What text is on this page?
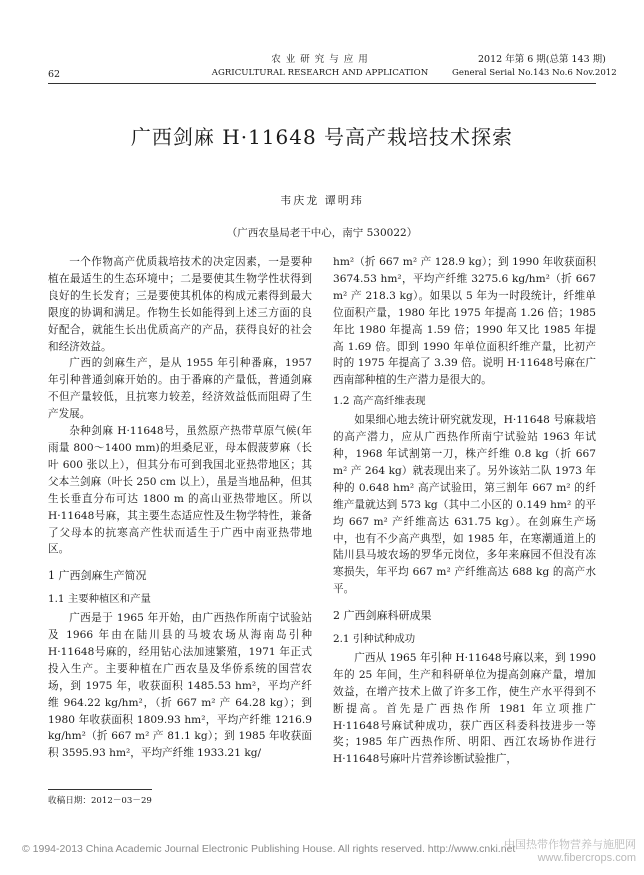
62
农 业 研 究 与 应 用
AGRICULTURAL RESEARCH AND APPLICATION
2012 年第 6 期(总第 143 期)
General Serial No.143 No.6 Nov.2012
广西剑麻 H·11648 号高产栽培技术探索
韦庆龙 谭明玮
（广西农垦局老干中心，南宁 530022）

一个作物高产优质栽培技术的决定因素，一是要种植在最适生的生态环境中；二是要使其生物学性状得到良好的生长发育；三是要使其机体的构成元素得到最大限度的协调和满足。作物生长如能得到上述三方面的良好配合，就能生长出优质高产的产品，获得良好的社会和经济效益。

广西的剑麻生产，是从 1955 年引种番麻，1957 年引种普通剑麻开始的。由于番麻的产量低，普通剑麻不但产量较低，且抗寒力较差，经济效益低而阻碍了生产发展。

杂种剑麻 H·11648号，虽然原产热带草原气候(年雨量 800～1400 mm)的坦桑尼亚，母本假菠萝麻（长叶 600 张以上），但其分布可到我国北亚热带地区；其父本兰剑麻（叶长 250 cm 以上），虽是当地品种，但其生长垂直分布可达 1800 m 的高山亚热带地区。所以 H·11648号麻，其主要生态适应性及生物学特性，兼备了父母本的抗寒高产性状而适生于广西中南亚热带地区。

1 广西剑麻生产简况
1.1 主要种植区和产量

广西是于 1965 年开始，由广西热作所南宁试验站及 1966 年由在陆川县的马坡农场从海南岛引种 H·11648号麻的，经用钻心法加速繁殖，1971 年正式投入生产。主要种植在广西农垦及华侨系统的国营农场，到 1975 年，收获面积 1485.53 hm²，平均产纤维 964.22 kg/hm²，（折 667 m² 产 64.28 kg）；到 1980 年收获面积 1809.93 hm²，平均产纤维 1216.9 kg/hm²（折 667 m² 产 81.1 kg）；到 1985 年收获面积 3595.93 hm²，平均产纤维 1933.21 kg/

hm²（折 667 m² 产 128.9 kg）；到 1990 年收获面积 3674.53 hm²，平均产纤维 3275.6 kg/hm²（折 667 m² 产 218.3 kg）。如果以 5 年为一时段统计，纤维单位面积产量，1980 年比 1975 年提高 1.26 倍；1985 年比 1980 年提高 1.59 倍；1990 年又比 1985 年提高 1.69 倍。即到 1990 年单位面积纤维产量，比初产时的 1975 年提高了 3.39 倍。说明 H·11648号麻在广西南部种植的生产潜力是很大的。

1.2 高产高纤维表现

如果细心地去统计研究就发现，H·11648 号麻栽培的高产潜力，应从广西热作所南宁试验站 1963 年试种，1968 年试割第一刀，株产纤维 0.8 kg（折 667 m² 产 264 kg）就表现出来了。另外该站二队 1973 年种的 0.648 hm² 高产试验田，第三割年 667 m² 的纤维产量就达到 573 kg（其中二小区的 0.149 hm² 的平均 667 m² 产纤维高达 631.75 kg）。在剑麻生产场中，也有不少高产典型，如 1985 年，在寒潮通道上的陆川县马坡农场的罗华元岗位，多年来麻园不但没有冻寒损失，年平均 667 m² 产纤维高达 688 kg 的高产水平。

2 广西剑麻科研成果
2.1 引种试种成功

广西从 1965 年引种 H·11648号麻以来，到 1990 年的 25 年间，生产和科研单位为提高剑麻产量，增加效益，在增产技术上做了许多工作，使生产水平得到不断提高。首先是广西热作所 1981 年立项推广 H·11648号麻试种成功，获广西区科委科技进步一等奖；1985 年广西热作所、明阳、西江农场协作进行 H·11648号麻叶片营养诊断试验推广，

收稿日期：2012－03－29
© 1994-2013 China Academic Journal Electronic Publishing House. All rights reserved. http://www.cnki.net
中国热带作物营养与施肥网
www.fibercrops.com
